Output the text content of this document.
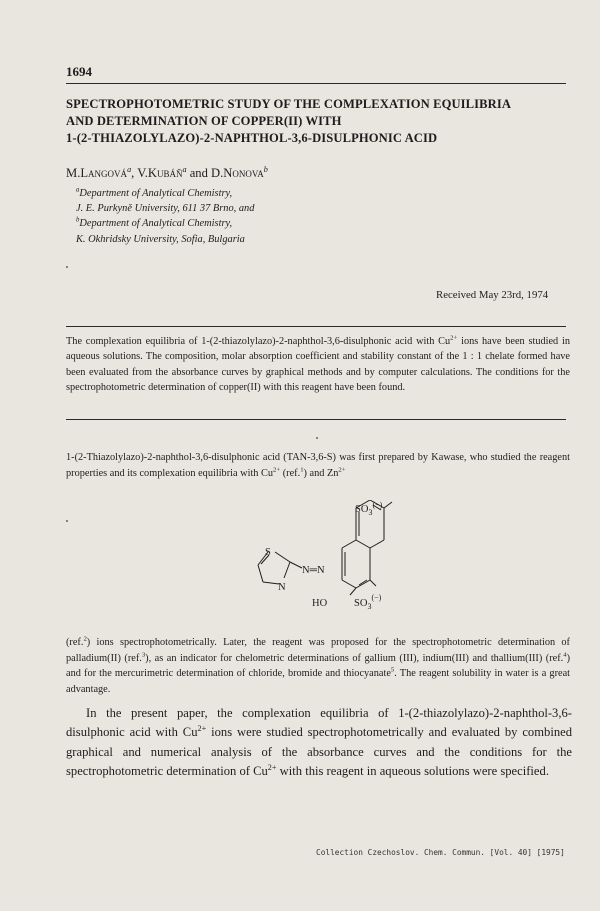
1694
SPECTROPHOTOMETRIC STUDY OF THE COMPLEXATION EQUILIBRIA
AND DETERMINATION OF COPPER(II) WITH
1-(2-THIAZOLYLAZO)-2-NAPHTHOL-3,6-DISULPHONIC ACID
M.Langová$^a$, V.Kubáň$^a$ and D.Nonova$^b$
$^a$Department of Analytical Chemistry,
J. E. Purkyně University, 611 37 Brno, and
$^b$Department of Analytical Chemistry,
K. Okhridsky University, Sofia, Bulgaria
Received May 23rd, 1974
The complexation equilibria of 1-(2-thiazolylazo)-2-naphthol-3,6-disulphonic acid with $Cu^{2+}$ ions have been studied in aqueous solutions. The composition, molar absorption coefficient and stability constant of the 1 : 1 chelate formed have been evaluated from the absorbance curves by graphical methods and by computer calculations. The conditions for the spectrophotometric determination of copper(II) with this reagent have been found.
1-(2-Thiazolylazo)-2-naphthol-3,6-disulphonic acid (TAN-3,6-S) was first prepared by Kawase, who studied the reagent properties and its complexation equilibria with $Cu^{2+}$ (ref.$^1$) and $Zn^{2+}$
S
N
N═N
HO	$SO_3^{(-)}$
$SO_3^{(-)}$
(ref.$^2$) ions spectrophotometrically. Later, the reagent was proposed for the spectrophotometric determination of palladium(II) (ref.$^3$), as an indicator for chelometric determinations of gallium (III), indium(III) and thallium(III) (ref.$^4$) and for the mercurimetric determination of chloride, bromide and thiocyanate$^5$. The reagent solubility in water is a great advantage.
In the present paper, the complexation equilibria of 1-(2-thiazolylazo)-2-naphthol-3,6-disulphonic acid with $Cu^{2+}$ ions were studied spectrophotometrically and evaluated by combined graphical and numerical analysis of the absorbance curves and the conditions for the spectrophotometric determination of $Cu^{2+}$ with this reagent in aqueous solutions were specified.
Collection Czechoslov. Chem. Commun. [Vol. 40] [1975]
